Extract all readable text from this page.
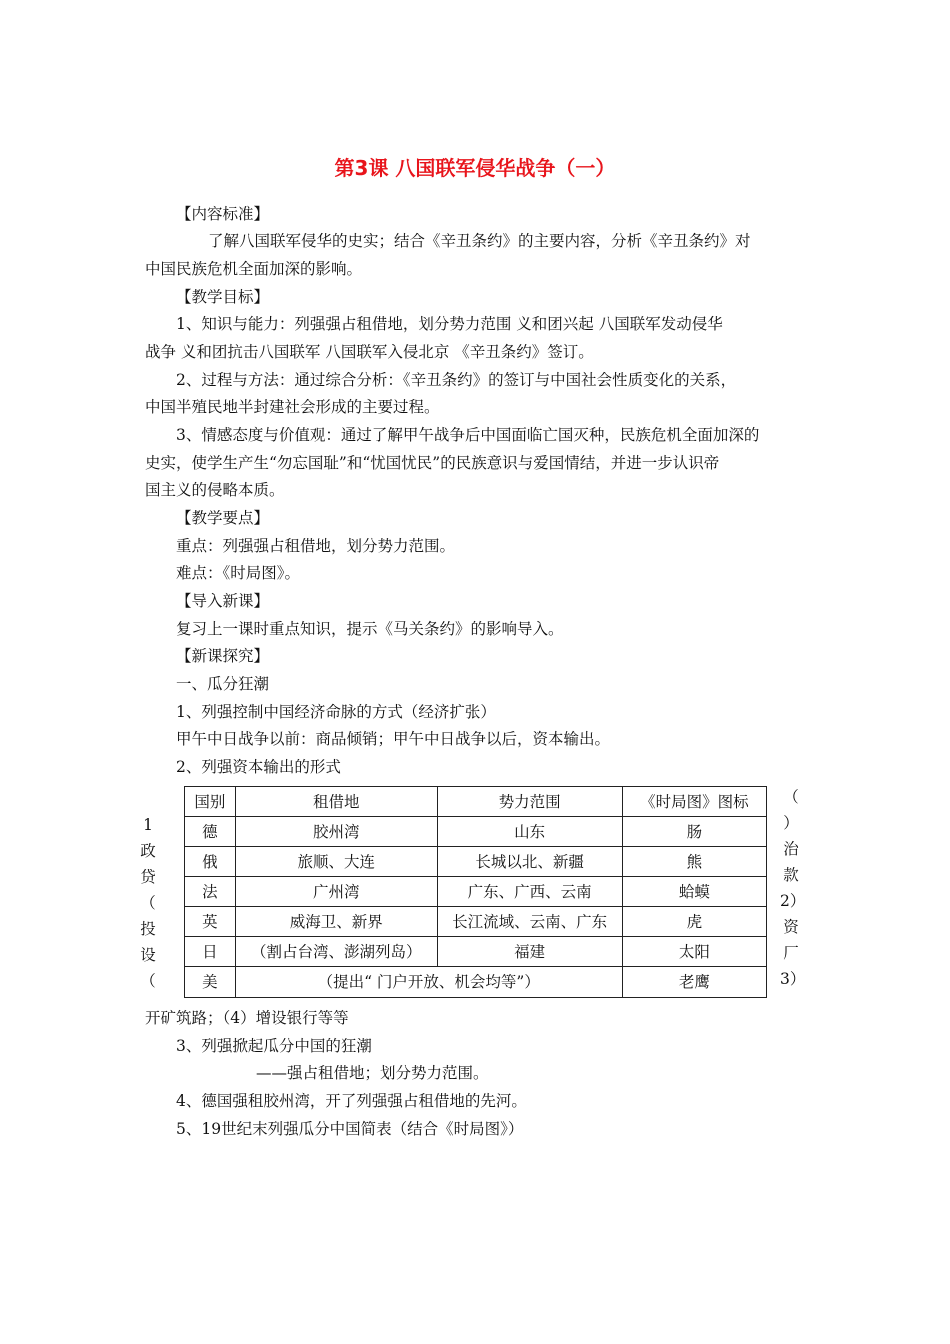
第3课 八国联军侵华战争（一）
【内容标准】
了解八国联军侵华的史实；结合《辛丑条约》的主要内容，分析《辛丑条约》对
中国民族危机全面加深的影响。
【教学目标】
1、知识与能力：列强强占租借地，划分势力范围 义和团兴起 八国联军发动侵华
战争 义和团抗击八国联军 八国联军入侵北京 《辛丑条约》签订。
2、过程与方法：通过综合分析：《辛丑条约》的签订与中国社会性质变化的关系，
中国半殖民地半封建社会形成的主要过程。
3、情感态度与价值观：通过了解甲午战争后中国面临亡国灭种，民族危机全面加深的
史实，使学生产生“勿忘国耻”和“忧国忧民”的民族意识与爱国情结，并进一步认识帝
国主义的侵略本质。
【教学要点】
重点：列强强占租借地，划分势力范围。
难点：《时局图》。
【导入新课】
复习上一课时重点知识，提示《马关条约》的影响导入。
【新课探究】
一、瓜分狂潮
1、列强控制中国经济命脉的方式（经济扩张）
甲午中日战争以前：商品倾销；甲午中日战争以后，资本输出。
2、列强资本输出的形式
1
政
贷
（
投
设
（
（
）
治
款
2）
资
厂
3）
国别	租借地	势力范围	《时局图》图标
德	胶州湾	山东	肠
俄	旅顺、大连	长城以北、新疆	熊
法	广州湾	广东、广西、云南	蛤蟆
英	威海卫、新界	长江流域、云南、广东	虎
日	（割占台湾、澎湖列岛）	福建	太阳
美	（提出“ 门户开放、机会均等”）		老鹰
开矿筑路；（4）增设银行等等
3、列强掀起瓜分中国的狂潮
——强占租借地；划分势力范围。
4、德国强租胶州湾，开了列强强占租借地的先河。
5、19世纪末列强瓜分中国简表（结合《时局图》）
